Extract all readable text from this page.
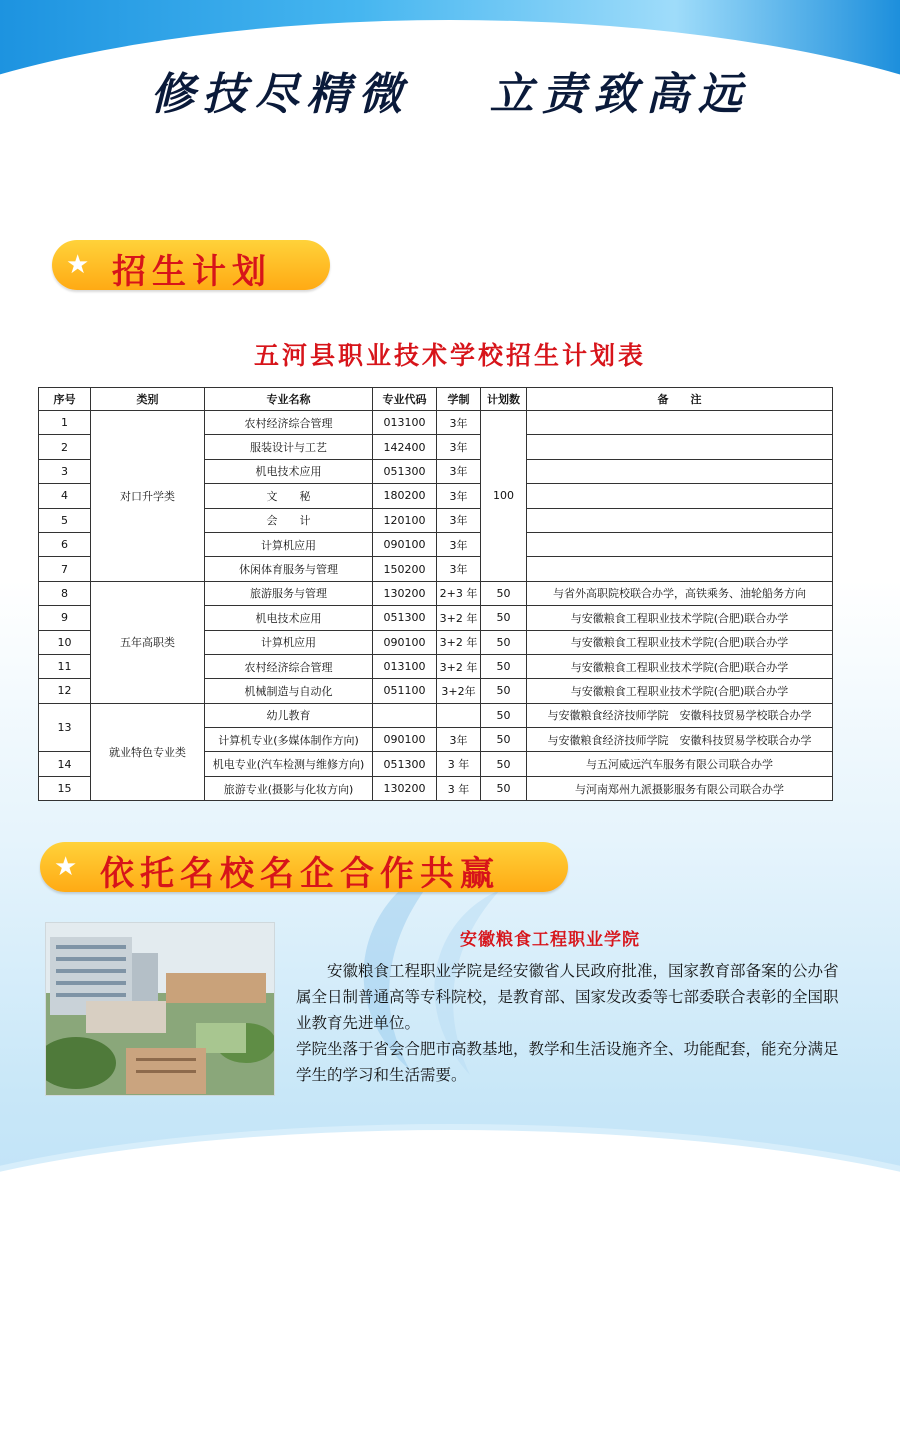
修技尽精微 立责致高远
★ 招生计划
五河县职业技术学校招生计划表
序号	类别	专业名称	专业代码	学制	计划数	备　　注
1	对口升学类	农村经济综合管理	013100	3年	100	
2		服装设计与工艺	142400	3年		
3		机电技术应用	051300	3年		
4		文　　秘	180200	3年		
5		会　　计	120100	3年		
6		计算机应用	090100	3年		
7		休闲体育服务与管理	150200	3年		
8	五年高职类	旅游服务与管理	130200	2+3 年	50	与省外高职院校联合办学，高铁乘务、油轮船务方向
9		机电技术应用	051300	3+2 年	50	与安徽粮食工程职业技术学院(合肥)联合办学
10		计算机应用	090100	3+2 年	50	与安徽粮食工程职业技术学院(合肥)联合办学
11		农村经济综合管理	013100	3+2 年	50	与安徽粮食工程职业技术学院(合肥)联合办学
12		机械制造与自动化	051100	3+2年	50	与安徽粮食工程职业技术学院(合肥)联合办学
13	就业特色专业类	幼儿教育			50	与安徽粮食经济技师学院　安徽科技贸易学校联合办学
		计算机专业(多媒体制作方向)	090100	3年	50	与安徽粮食经济技师学院　安徽科技贸易学校联合办学
14		机电专业(汽车检测与维修方向)	051300	3 年	50	与五河威远汽车服务有限公司联合办学
15		旅游专业(摄影与化妆方向)	130200	3 年	50	与河南郑州九派摄影服务有限公司联合办学
★ 依托名校名企合作共赢
安徽粮食工程职业学院

安徽粮食工程职业学院是经安徽省人民政府批准，国家教育部备案的公办省属全日制普通高等专科院校，是教育部、国家发改委等七部委联合表彰的全国职业教育先进单位。

学院坐落于省会合肥市高教基地，教学和生活设施齐全、功能配套，能充分满足学生的学习和生活需要。
